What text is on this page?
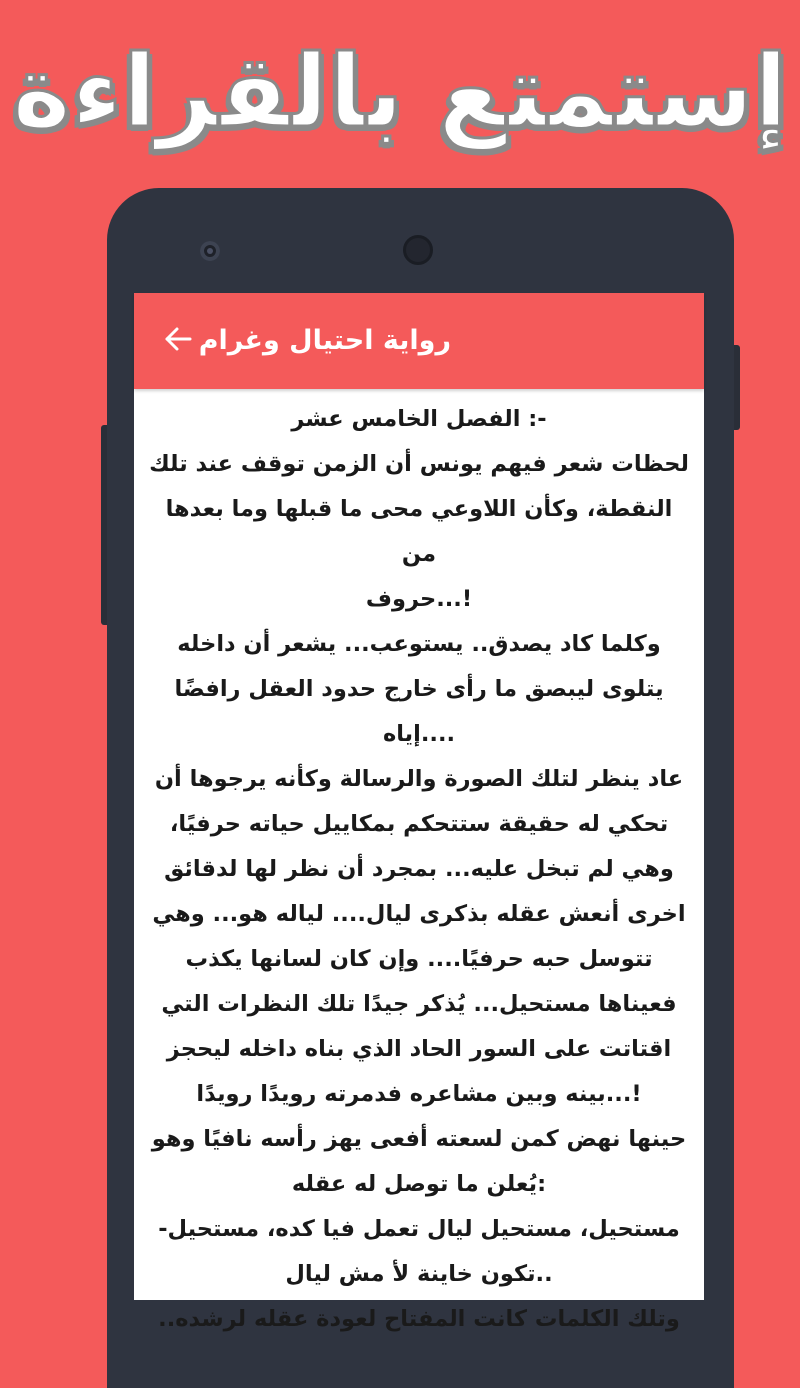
إستمتع بالقراءة
رواية احتيال وغرام

-: الفصل الخامس عشر

لحظات شعر فيهم يونس أن الزمن توقف عند تلك

النقطة، وكأن اللاوعي محى ما قبلها وما بعدها من

!...حروف

وكلما كاد يصدق.. يستوعب... يشعر أن داخله

يتلوى ليبصق ما رأى خارج حدود العقل رافضًا

....إياه

عاد ينظر لتلك الصورة والرسالة وكأنه يرجوها أن

تحكي له حقيقة ستتحكم بمكاييل حياته حرفيًا،

وهي لم تبخل عليه... بمجرد أن نظر لها لدقائق

اخرى أنعش عقله بذكرى ليال.... لياله هو... وهي

تتوسل حبه حرفيًا.... وإن كان لسانها يكذب

فعيناها مستحيل... يُذكر جيدًا تلك النظرات التي

اقتاتت على السور الحاد الذي بناه داخله ليحجز

!...بينه وبين مشاعره فدمرته رويدًا رويدًا

حينها نهض كمن لسعته أفعى يهز رأسه نافيًا وهو

:يُعلن ما توصل له عقله

مستحيل، مستحيل ليال تعمل فيا كده، مستحيل-

..تكون خاينة لأ مش ليال

وتلك الكلمات كانت المفتاح لعودة عقله لرشده..
